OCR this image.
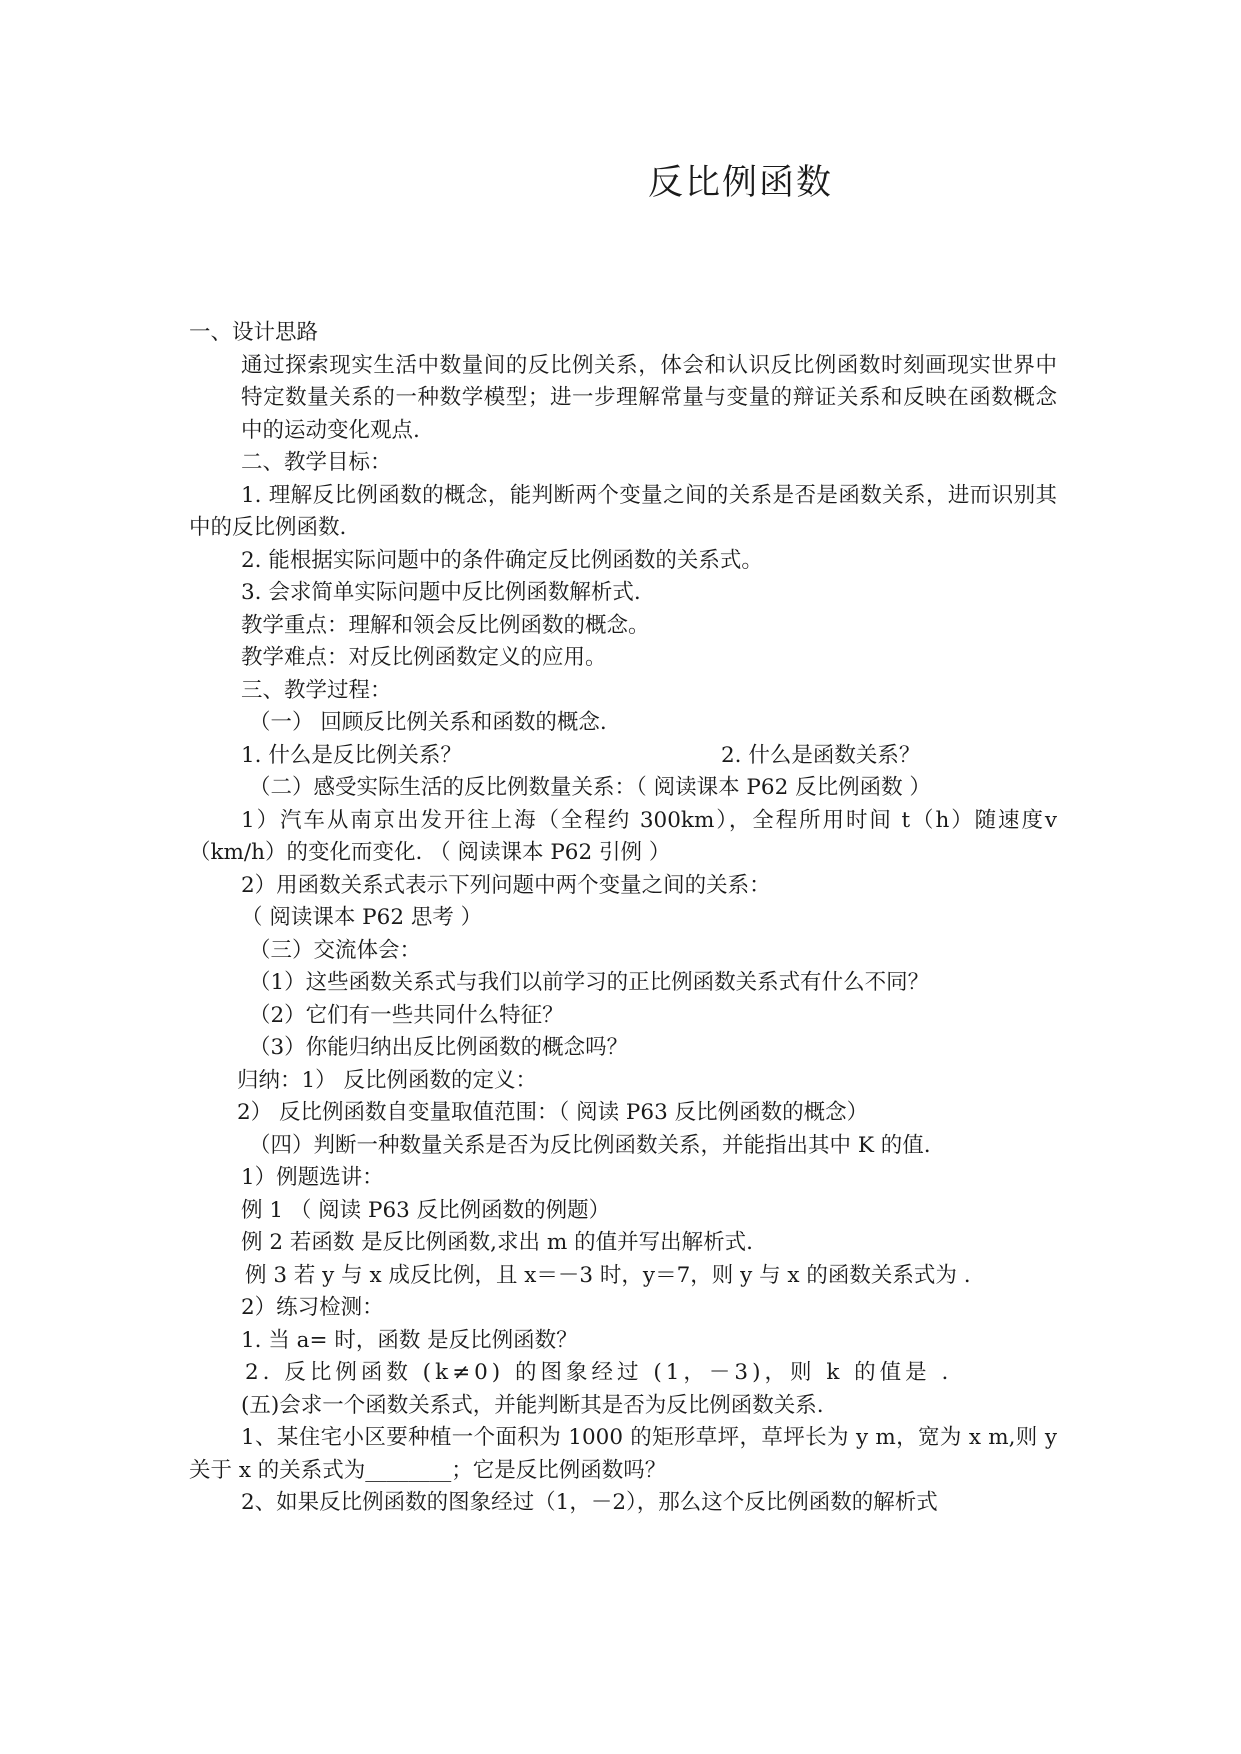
反比例函数
一、设计思路
通过探索现实生活中数量间的反比例关系，体会和认识反比例函数时刻画现实世界中特定数量关系的一种数学模型；进一步理解常量与变量的辩证关系和反映在函数概念中的运动变化观点.
二、教学目标：
1. 理解反比例函数的概念，能判断两个变量之间的关系是否是函数关系，进而识别其中的反比例函数.
2. 能根据实际问题中的条件确定反比例函数的关系式。
3. 会求简单实际问题中反比例函数解析式.
教学重点：理解和领会反比例函数的概念。
教学难点：对反比例函数定义的应用。
三、教学过程：
（一） 回顾反比例关系和函数的概念.
1. 什么是反比例关系？	2. 什么是函数关系？
（二）感受实际生活的反比例数量关系：（ 阅读课本 P62 反比例函数 ）
1）汽车从南京出发开往上海（全程约 300km），全程所用时间 t（h）随速度v（km/h）的变化而变化. （ 阅读课本 P62 引例 ）
2）用函数关系式表示下列问题中两个变量之间的关系：
（ 阅读课本 P62 思考 ）
（三）交流体会：
（1）这些函数关系式与我们以前学习的正比例函数关系式有什么不同？
（2）它们有一些共同什么特征？
（3）你能归纳出反比例函数的概念吗？
归纳：1） 反比例函数的定义：
2） 反比例函数自变量取值范围：（ 阅读 P63 反比例函数的概念）
（四）判断一种数量关系是否为反比例函数关系，并能指出其中 K 的值.
1）例题选讲：
例 1 （ 阅读 P63 反比例函数的例题）
例 2 若函数 是反比例函数,求出 m 的值并写出解析式.
例 3 若 y 与 x 成反比例，且 x＝－3 时，y＝7，则 y 与 x 的函数关系式为 .
2）练习检测：
1. 当 a= 时，函数 是反比例函数？
2. 反比例函数 (k≠0) 的图象经过 (1，－3)，则 k 的值是 .
(五)会求一个函数关系式，并能判断其是否为反比例函数关系.
1、某住宅小区要种植一个面积为 1000 的矩形草坪，草坪长为 y m，宽为 x m,则 y 关于 x 的关系式为________；它是反比例函数吗？
2、如果反比例函数的图象经过（1，－2），那么这个反比例函数的解析式
